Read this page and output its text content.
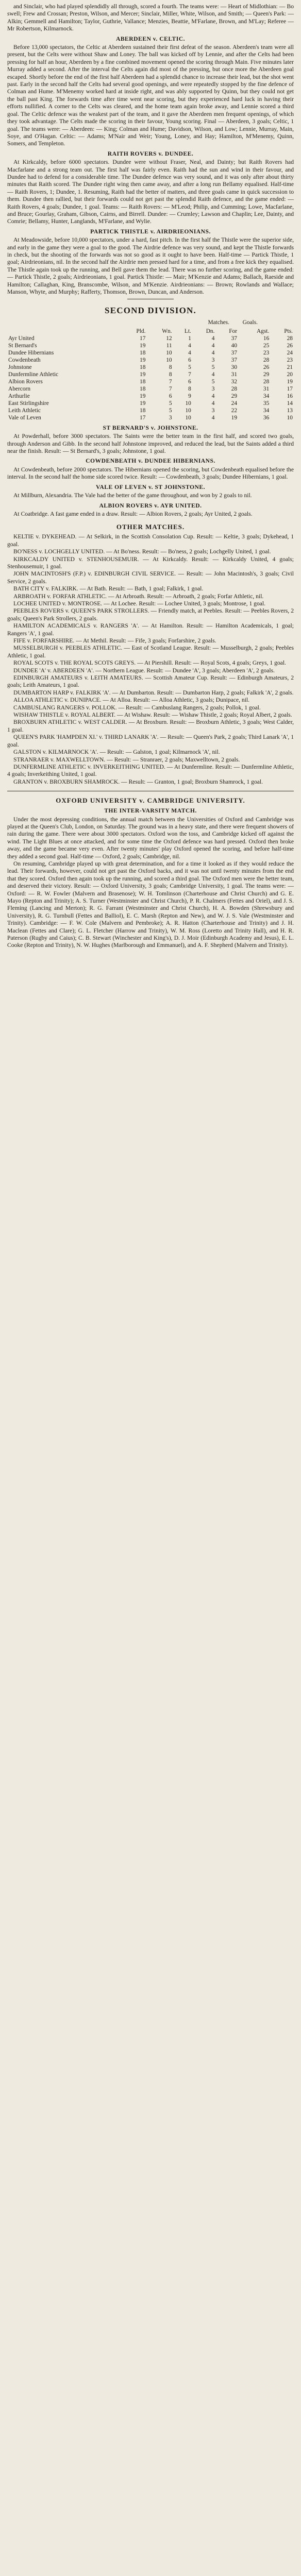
and Sinclair, who had played splendidly all through, scored a fourth. The teams were: — Heart of Midlothian: — Bo swell; Frew and Crossan; Preston, Wilson, and Mercer; Sinclair, Miller, White, Wilson, and Smith; — Queen's Park: — Alkin; Gemmell and Hamilton; Taylor, Guthrie, Vallance; Menzies, Beattie, M'Farlane, Brown, and M'Lay; Referee — Mr Robertson, Kilmarnock.

ABERDEEN v. CELTIC.

Before 13,000 spectators, the Celtic at Aberdeen sustained their first defeat of the season. Aberdeen's team were all present, but the Celts were without Shaw and Loney. The ball was kicked off by Lennie, and after the Celts had been pressing for half an hour, Aberdeen by a fine combined movement opened the scoring through Main. Five minutes later Murray added a second. After the interval the Celts again did most of the pressing, but once more the Aberdeen goal escaped. Shortly before the end of the first half Aberdeen had a splendid chance to increase their lead, but the shot went past. Early in the second half the Celts had several good openings, and were repeatedly stopped by the fine defence of Colman and Hume. M'Menemy worked hard at inside right, and was ably supported by Quinn, but they could not get the ball past King. The forwards time after time went near scoring, but they experienced hard luck in having their efforts nullified. A corner to the Celts was cleared, and the home team again broke away, and Lennie scored a third goal. The Celtic defence was the weakest part of the team, and it gave the Aberdeen men frequent openings, of which they took advantage. The Celts made the scoring in their favour, Young scoring. Final — Aberdeen, 3 goals; Celtic, 1 goal. The teams were: — Aberdeen: — King; Colman and Hume; Davidson, Wilson, and Low; Lennie, Murray, Main, Soye, and O'Hagan. Celtic: — Adams; M'Nair and Weir; Young, Loney, and Hay; Hamilton, M'Menemy, Quinn, Somers, and Templeton.

RAITH ROVERS v. DUNDEE.

At Kirkcaldy, before 6000 spectators. Dundee were without Fraser, Neal, and Dainty; but Raith Rovers had Macfarlane and a strong team out. The first half was fairly even. Raith had the sun and wind in their favour, and Dundee had to defend for a considerable time. The Dundee defence was very sound, and it was only after about thirty minutes that Raith scored. The Dundee right wing then came away, and after a long run Bellamy equalised. Half-time — Raith Rovers, 1; Dundee, 1. Resuming, Raith had the better of matters, and three goals came in quick succession to them. Dundee then rallied, but their forwards could not get past the splendid Raith defence, and the game ended: — Raith Rovers, 4 goals; Dundee, 1 goal. Teams: — Raith Rovers: — M'Leod; Philip, and Cumming; Lowe, Macfarlane, and Bruce; Gourlay, Graham, Gibson, Cairns, and Birrell. Dundee: — Crumley; Lawson and Chaplin; Lee, Dainty, and Comrie; Bellamy, Hunter, Langlands, M'Farlane, and Wylie.

PARTICK THISTLE v. AIRDRIEONIANS.

At Meadowside, before 10,000 spectators, under a hard, fast pitch. In the first half the Thistle were the superior side, and early in the game they were a goal to the good. The Airdrie defence was very sound, and kept the Thistle forwards in check, but the shooting of the forwards was not so good as it ought to have been. Half-time — Partick Thistle, 1 goal; Airdrieonians, nil. In the second half the Airdrie men pressed hard for a time, and from a free kick they equalised. The Thistle again took up the running, and Bell gave them the lead. There was no further scoring, and the game ended: — Partick Thistle, 2 goals; Airdrieonians, 1 goal. Partick Thistle: — Mair; M'Kenzie and Adams; Ballach, Raeside and Hamilton; Callaghan, King, Branscombe, Wilson, and M'Kenzie. Airdrieonians: — Brown; Rowlands and Wallace; Manson, Whyte, and Murphy; Rafferty, Thomson, Brown, Duncan, and Anderson.

SECOND DIVISION.
Matches. Goals.
	Pld.	Wn.	Lt.	Dn.	For	Agst.	Pts.
Ayr United	17	12	1	4	37	16	28
St Bernard's	19	11	4	4	40	25	26
Dundee Hibernians	18	10	4	4	37	23	24
Cowdenbeath	19	10	6	3	37	28	23
Johnstone	18	8	5	5	30	26	21
Dunfermline Athletic	19	8	7	4	31	29	20
Albion Rovers	18	7	6	5	32	28	19
Abercorn	18	7	8	3	28	31	17
Arthurlie	19	6	9	4	29	34	16
East Stirlingshire	19	5	10	4	24	35	14
Leith Athletic	18	5	10	3	22	34	13
Vale of Leven	17	3	10	4	19	36	10
ST BERNARD'S v. JOHNSTONE.

At Powderhall, before 3000 spectators. The Saints were the better team in the first half, and scored two goals, through Anderson and Gibb. In the second half Johnstone improved, and reduced the lead, but the Saints added a third near the finish. Result: — St Bernard's, 3 goals; Johnstone, 1 goal.

COWDENBEATH v. DUNDEE HIBERNIANS.

At Cowdenbeath, before 2000 spectators. The Hibernians opened the scoring, but Cowdenbeath equalised before the interval. In the second half the home side scored twice. Result: — Cowdenbeath, 3 goals; Dundee Hibernians, 1 goal.

VALE OF LEVEN v. ST JOHNSTONE.

At Millburn, Alexandria. The Vale had the better of the game throughout, and won by 2 goals to nil.

ALBION ROVERS v. AYR UNITED.

At Coatbridge. A fast game ended in a draw. Result: — Albion Rovers, 2 goals; Ayr United, 2 goals.

OTHER MATCHES.

KELTIE v. DYKEHEAD. — At Selkirk, in the Scottish Consolation Cup. Result: — Keltie, 3 goals; Dykehead, 1 goal.

BO'NESS v. LOCHGELLY UNITED. — At Bo'ness. Result: — Bo'ness, 2 goals; Lochgelly United, 1 goal.

KIRKCALDY UNITED v. STENHOUSEMUIR. — At Kirkcaldy. Result: — Kirkcaldy United, 4 goals; Stenhousemuir, 1 goal.

JOHN MACINTOSH'S (F.P.) v. EDINBURGH CIVIL SERVICE. — Result: — John Macintosh's, 3 goals; Civil Service, 2 goals.

BATH CITY v. FALKIRK. — At Bath. Result: — Bath, 1 goal; Falkirk, 1 goal.

ARBROATH v. FORFAR ATHLETIC. — At Arbroath. Result: — Arbroath, 2 goals; Forfar Athletic, nil.

LOCHEE UNITED v. MONTROSE. — At Lochee. Result: — Lochee United, 3 goals; Montrose, 1 goal.

PEEBLES ROVERS v. QUEEN'S PARK STROLLERS. — Friendly match, at Peebles. Result: — Peebles Rovers, 2 goals; Queen's Park Strollers, 2 goals.

HAMILTON ACADEMICALS v. RANGERS 'A'. — At Hamilton. Result: — Hamilton Academicals, 1 goal; Rangers 'A', 1 goal.

FIFE v. FORFARSHIRE. — At Methil. Result: — Fife, 3 goals; Forfarshire, 2 goals.

MUSSELBURGH v. PEEBLES ATHLETIC. — East of Scotland League. Result: — Musselburgh, 2 goals; Peebles Athletic, 1 goal.

ROYAL SCOTS v. THE ROYAL SCOTS GREYS. — At Piershill. Result: — Royal Scots, 4 goals; Greys, 1 goal.

DUNDEE 'A' v. ABERDEEN 'A'. — Northern League. Result: — Dundee 'A', 3 goals; Aberdeen 'A', 2 goals.

EDINBURGH AMATEURS v. LEITH AMATEURS. — Scottish Amateur Cup. Result: — Edinburgh Amateurs, 2 goals; Leith Amateurs, 1 goal.

DUMBARTON HARP v. FALKIRK 'A'. — At Dumbarton. Result: — Dumbarton Harp, 2 goals; Falkirk 'A', 2 goals.

ALLOA ATHLETIC v. DUNIPACE. — At Alloa. Result: — Alloa Athletic, 3 goals; Dunipace, nil.

CAMBUSLANG RANGERS v. POLLOK. — Result: — Cambuslang Rangers, 2 goals; Pollok, 1 goal.

WISHAW THISTLE v. ROYAL ALBERT. — At Wishaw. Result: — Wishaw Thistle, 2 goals; Royal Albert, 2 goals.

BROXBURN ATHLETIC v. WEST CALDER. — At Broxburn. Result: — Broxburn Athletic, 3 goals; West Calder, 1 goal.

QUEEN'S PARK 'HAMPDEN XI.' v. THIRD LANARK 'A'. — Result: — Queen's Park, 2 goals; Third Lanark 'A', 1 goal.

GALSTON v. KILMARNOCK 'A'. — Result: — Galston, 1 goal; Kilmarnock 'A', nil.

STRANRAER v. MAXWELLTOWN. — Result: — Stranraer, 2 goals; Maxwelltown, 2 goals.

DUNFERMLINE ATHLETIC v. INVERKEITHING UNITED. — At Dunfermline. Result: — Dunfermline Athletic, 4 goals; Inverkeithing United, 1 goal.

GRANTON v. BROXBURN SHAMROCK. — Result: — Granton, 1 goal; Broxburn Shamrock, 1 goal.

OXFORD UNIVERSITY v. CAMBRIDGE UNIVERSITY.
THE INTER-VARSITY MATCH.

Under the most depressing conditions, the annual match between the Universities of Oxford and Cambridge was played at the Queen's Club, London, on Saturday. The ground was in a heavy state, and there were frequent showers of rain during the game. There were about 3000 spectators. Oxford won the toss, and Cambridge kicked off against the wind. The Light Blues at once attacked, and for some time the Oxford defence was hard pressed. Oxford then broke away, and the game became very even. After twenty minutes' play Oxford opened the scoring, and before half-time they added a second goal. Half-time — Oxford, 2 goals; Cambridge, nil.

On resuming, Cambridge played up with great determination, and for a time it looked as if they would reduce the lead. Their forwards, however, could not get past the Oxford backs, and it was not until twenty minutes from the end that they scored. Oxford then again took up the running, and scored a third goal. The Oxford men were the better team, and deserved their victory. Result: — Oxford University, 3 goals; Cambridge University, 1 goal. The teams were: — Oxford: — R. W. Fowler (Malvern and Brasenose); W. H. Tomlinson (Charterhouse and Christ Church) and G. E. Mayo (Repton and Trinity); A. S. Turner (Westminster and Christ Church), P. R. Chalmers (Fettes and Oriel), and J. S. Fleming (Lancing and Merton); R. G. Farrant (Westminster and Christ Church), H. A. Bowden (Shrewsbury and University), R. G. Turnbull (Fettes and Balliol), E. C. Marsh (Repton and New), and W. J. S. Vale (Westminster and Trinity). Cambridge: — F. W. Cole (Malvern and Pembroke); A. R. Hatton (Charterhouse and Trinity) and J. H. Maclean (Fettes and Clare); G. L. Fletcher (Harrow and Trinity), W. M. Ross (Loretto and Trinity Hall), and H. R. Paterson (Rugby and Caius); C. B. Stewart (Winchester and King's), D. J. Moir (Edinburgh Academy and Jesus), E. L. Cooke (Repton and Trinity), N. W. Hughes (Marlborough and Emmanuel), and A. F. Shepherd (Malvern and Trinity).
